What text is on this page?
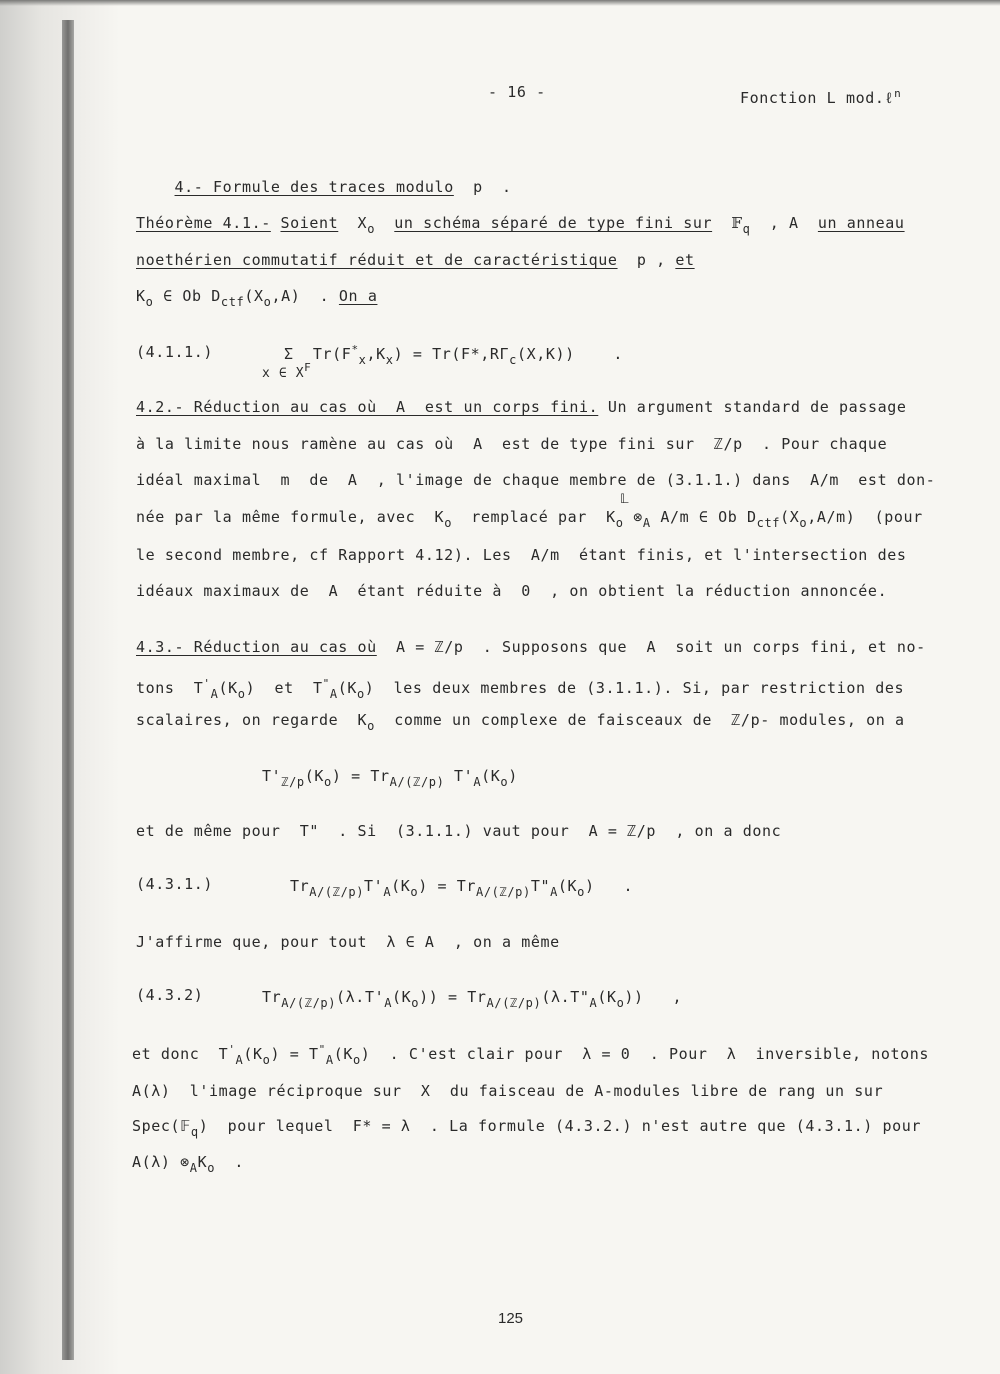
- 16 -	Fonction L mod.ℓ$^n$

4.- Formule des traces modulo p .

Théorème 4.1.- Soient $X_o$ un schéma séparé de type fini sur 𝔽$_q$ , A un anneau
noethérien commutatif réduit et de caractéristique p , et
$K_o$ ∈ Ob $D_{ctf}(X_o,A)$  . On a
(4.1.1.)	Σ $Tr(F^*_x,K_x) = Tr(F*,R\Gamma_c(X,K))$	.
x ∈ $X^F$
4.2.- Réduction au cas où  A  est un corps fini. Un argument standard de passage
à la limite nous ramène au cas où  A  est de type fini sur  ℤ/p  . Pour chaque
idéal maximal  m  de  A  , l'image de chaque membre de (3.1.1.) dans  A/m  est don-
𝕃
née par la même formule, avec  $K_o$  remplacé par  $K_o$ $\otimes_A$ A/m ∈ Ob $D_{ctf}(X_o,A/m)$  (pour
le second membre, cf Rapport 4.12). Les  A/m  étant finis, et l'intersection des
idéaux maximaux de  A  étant réduite à  0  , on obtient la réduction annoncée.
4.3.- Réduction au cas où  A = ℤ/p  . Supposons que  A  soit un corps fini, et no-
tons  $T'_A(K_o)$  et  $T^"_A(K_o)$  les deux membres de (3.1.1.). Si, par restriction des
scalaires, on regarde  $K_o$  comme un complexe de faisceaux de  ℤ/p- modules, on a
$T'_{ℤ/p}(K_o) = Tr_{A/(ℤ/p)}$ $T'_A(K_o)$
et de même pour  T"  . Si  (3.1.1.) vaut pour  A = ℤ/p  , on a donc
(4.3.1.)	$Tr_{A/(ℤ/p)}T'_A(K_o)$ = $Tr_{A/(ℤ/p)}T"_A(K_o)$   .
J'affirme que, pour tout  λ ∈ A  , on a même
(4.3.2)	$Tr_{A/(ℤ/p)}(\lambda.T'_A(K_o))$ = $Tr_{A/(ℤ/p)}(\lambda.T"_A(K_o))$   ,
et donc  $T'_A(K_o) = T^"_A(K_o)$  . C'est clair pour  λ = 0  . Pour  λ  inversible, notons
A(λ)  l'image réciproque sur  X  du faisceau de A-modules libre de rang un sur
Spec(𝔽$_q$)  pour lequel  F* = λ  . La formule (4.3.2.) n'est autre que (4.3.1.) pour
A(λ) $\otimes_AK_o$  .
125
